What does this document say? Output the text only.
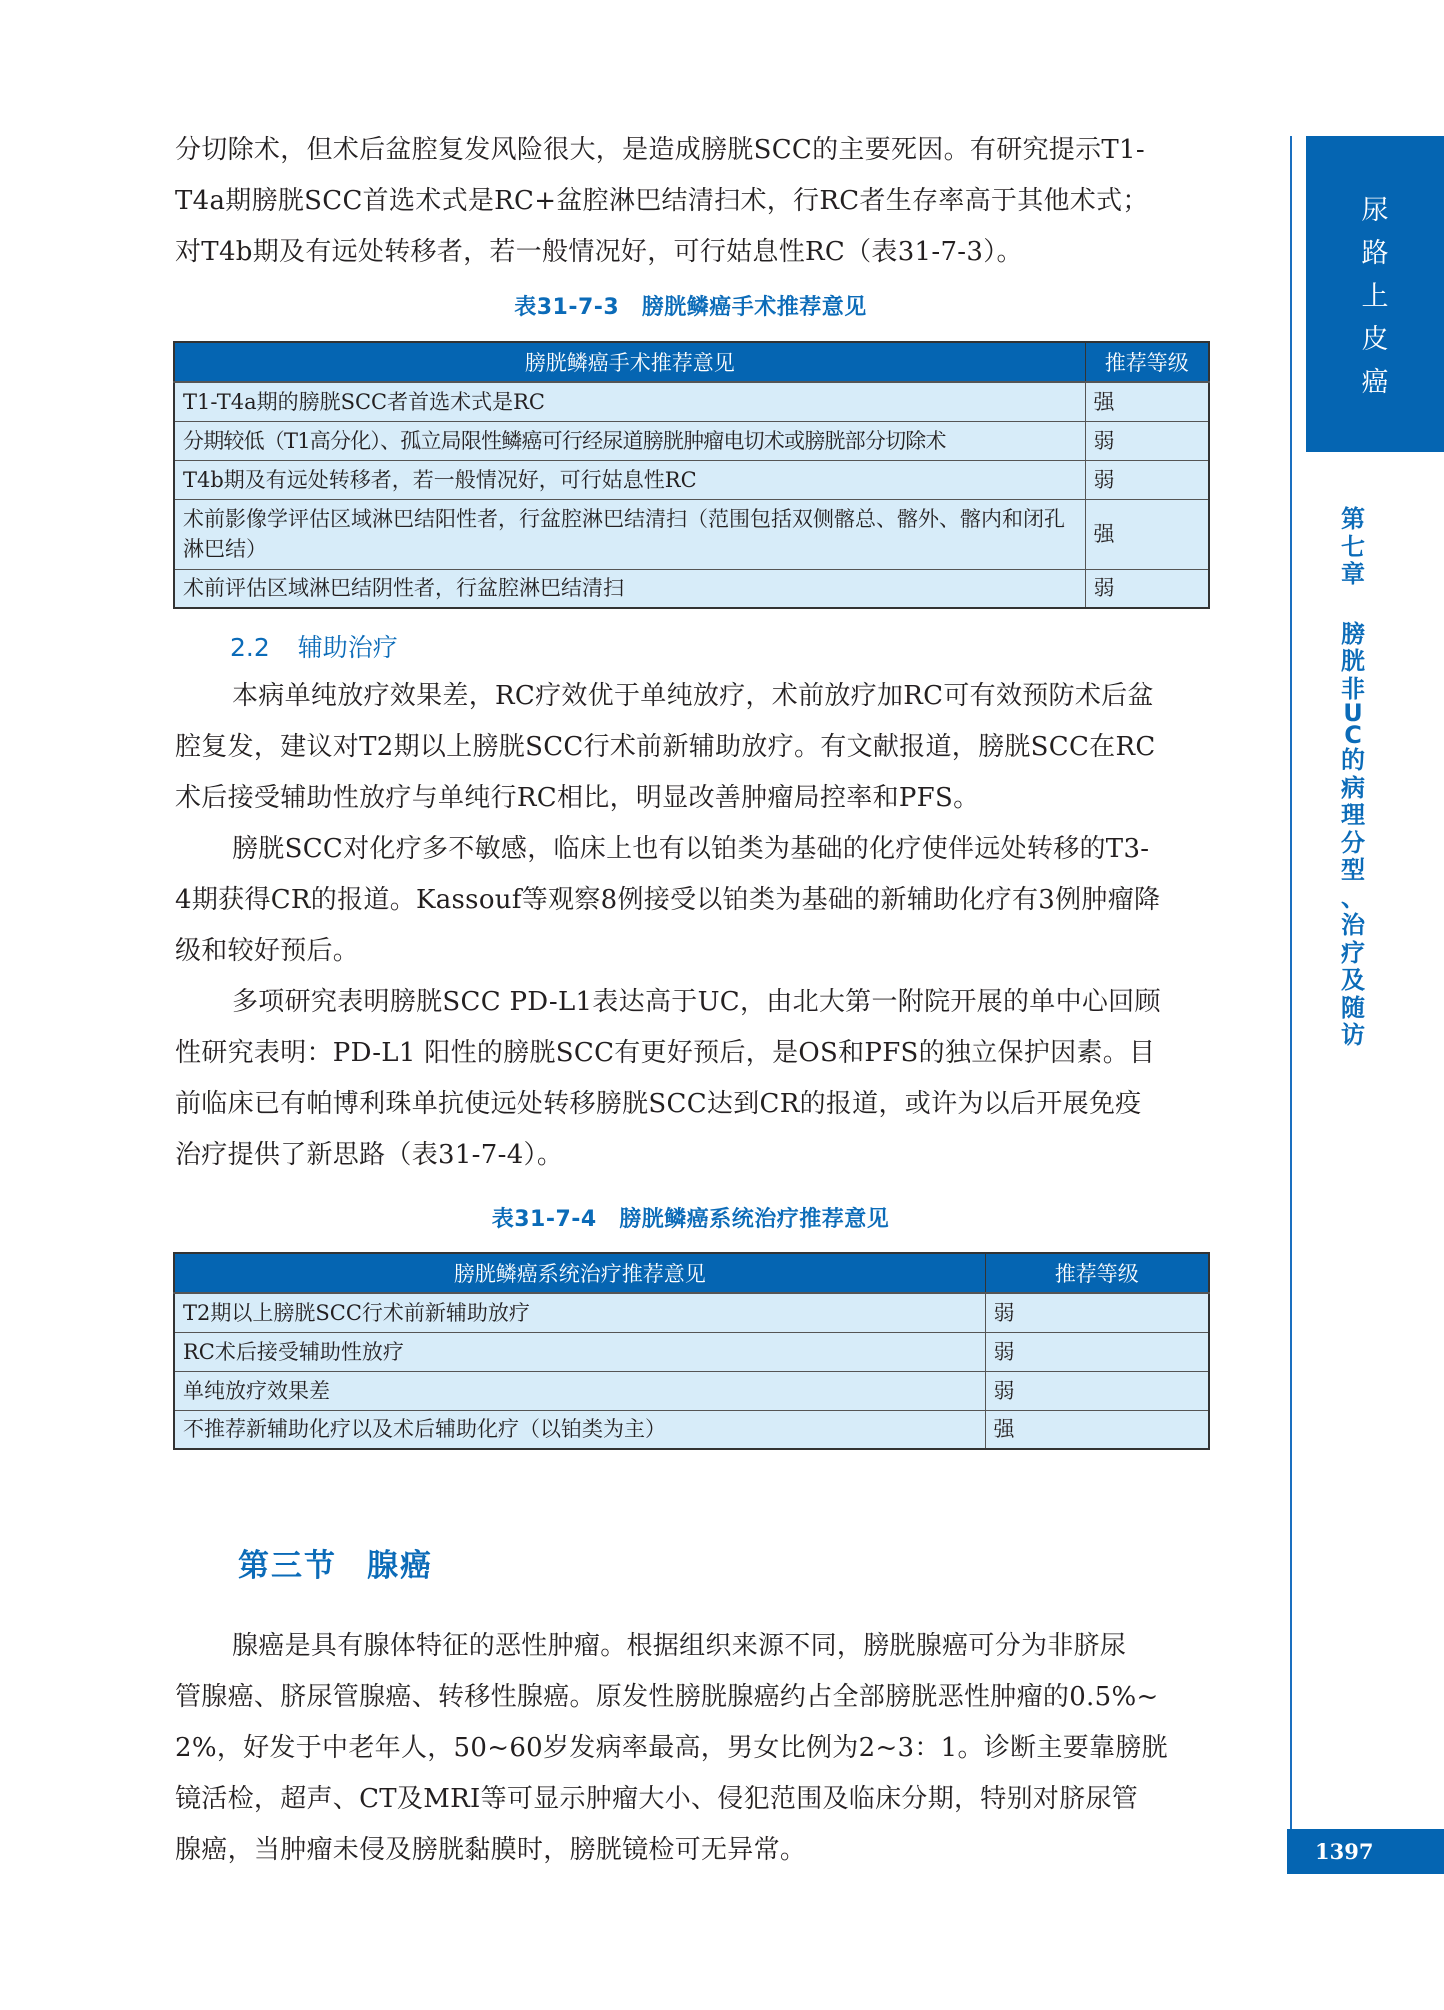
分切除术，但术后盆腔复发风险很大，是造成膀胱SCC的主要死因。有研究提示T1-
T4a期膀胱SCC首选术式是RC+盆腔淋巴结清扫术，行RC者生存率高于其他术式；
对T4b期及有远处转移者，若一般情况好，可行姑息性RC（表31-7-3）。
表31-7-3　膀胱鳞癌手术推荐意见
膀胱鳞癌手术推荐意见	推荐等级
T1-T4a期的膀胱SCC者首选术式是RC	强
分期较低（T1高分化）、孤立局限性鳞癌可行经尿道膀胱肿瘤电切术或膀胱部分切除术	弱
T4b期及有远处转移者，若一般情况好，可行姑息性RC	弱
术前影像学评估区域淋巴结阳性者，行盆腔淋巴结清扫（范围包括双侧髂总、髂外、髂内和闭孔淋巴结）	强
术前评估区域淋巴结阴性者，行盆腔淋巴结清扫	弱
2.2 辅助治疗
本病单纯放疗效果差，RC疗效优于单纯放疗，术前放疗加RC可有效预防术后盆
腔复发，建议对T2期以上膀胱SCC行术前新辅助放疗。有文献报道，膀胱SCC在RC
术后接受辅助性放疗与单纯行RC相比，明显改善肿瘤局控率和PFS。
膀胱SCC对化疗多不敏感，临床上也有以铂类为基础的化疗使伴远处转移的T3-
4期获得CR的报道。Kassouf等观察8例接受以铂类为基础的新辅助化疗有3例肿瘤降
级和较好预后。
多项研究表明膀胱SCC PD-L1表达高于UC，由北大第一附院开展的单中心回顾
性研究表明：PD-L1 阳性的膀胱SCC有更好预后，是OS和PFS的独立保护因素。目
前临床已有帕博利珠单抗使远处转移膀胱SCC达到CR的报道，或许为以后开展免疫
治疗提供了新思路（表31-7-4）。
表31-7-4　膀胱鳞癌系统治疗推荐意见
膀胱鳞癌系统治疗推荐意见	推荐等级
T2期以上膀胱SCC行术前新辅助放疗	弱
RC术后接受辅助性放疗	弱
单纯放疗效果差	弱
不推荐新辅助化疗以及术后辅助化疗（以铂类为主）	强
第三节 腺癌
腺癌是具有腺体特征的恶性肿瘤。根据组织来源不同，膀胱腺癌可分为非脐尿
管腺癌、脐尿管腺癌、转移性腺癌。原发性膀胱腺癌约占全部膀胱恶性肿瘤的0.5%~
2%，好发于中老年人，50~60岁发病率最高，男女比例为2~3：1。诊断主要靠膀胱
镜活检，超声、CT及MRI等可显示肿瘤大小、侵犯范围及临床分期，特别对脐尿管
腺癌，当肿瘤未侵及膀胱黏膜时，膀胱镜检可无异常。
尿
路
上
皮
癌
第
七
章
膀
胱
非
U
C
的
病
理
分
型
、
治
疗
及
随
访
1397
